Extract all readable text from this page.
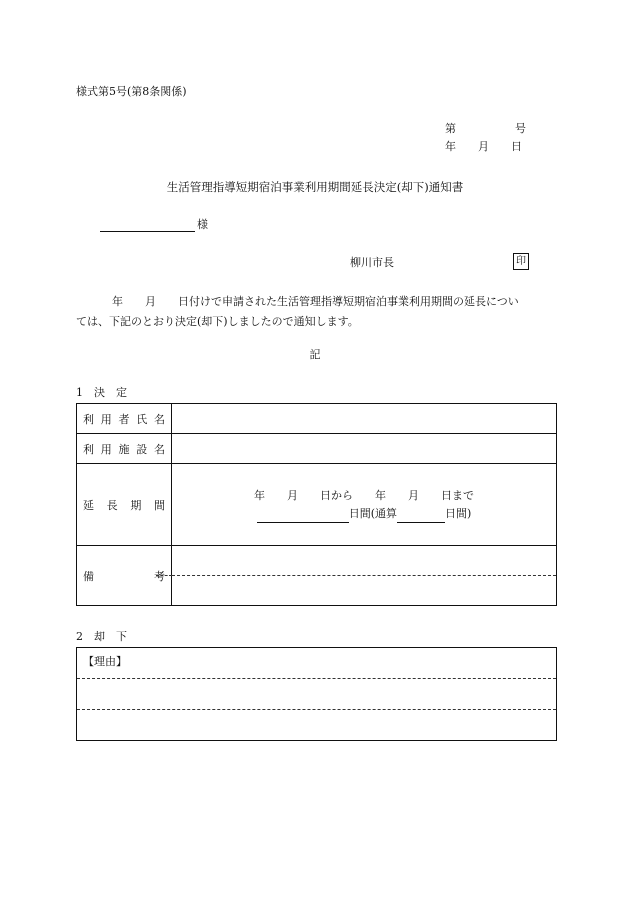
様式第5号(第8条関係)
第	号
年 月 日
生活管理指導短期宿泊事業利用期間延長決定(却下)通知書
様
柳川市長	印
年 月 日付けで申請された生活管理指導短期宿泊事業利用期間の延長につい
ては、下記のとおり決定(却下)しましたので通知します。
記
1　決　定
利 用 者 氏 名	

利 用 施 設 名	

延 長 期 間	年 月 日から 年 月 日まで
日間(通算 日間)

備 考	

2　却　下
【理由】
